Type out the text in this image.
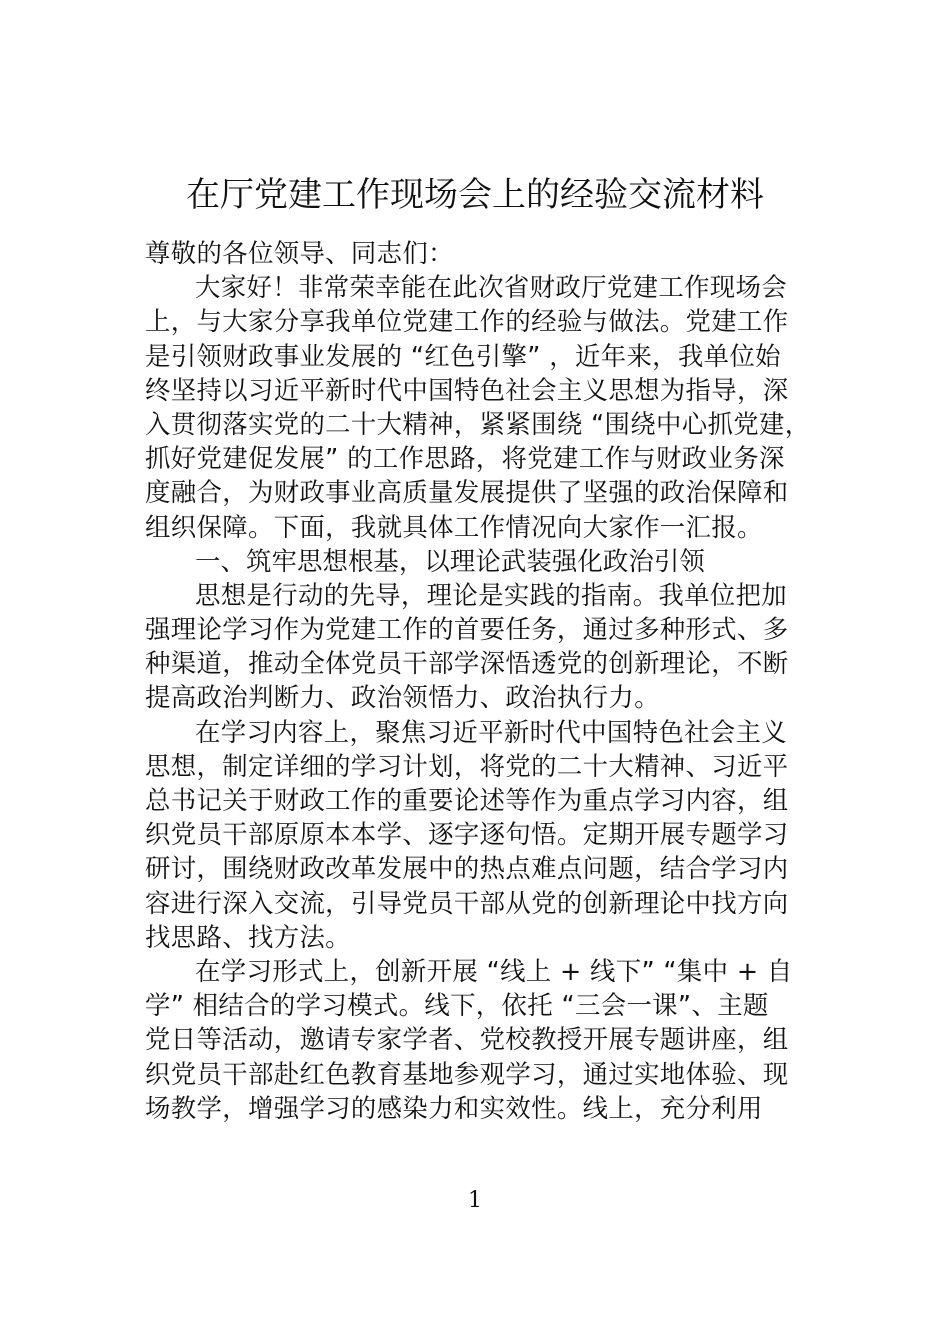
在厅党建工作现场会上的经验交流材料
尊敬的各位领导、同志们：
大家好！非常荣幸能在此次省财政厅党建工作现场会
上，与大家分享我单位党建工作的经验与做法。党建工作
是引领财政事业发展的 “红色引擎” ，近年来，我单位始
终坚持以习近平新时代中国特色社会主义思想为指导，深
入贯彻落实党的二十大精神，紧紧围绕 “围绕中心抓党建，
抓好党建促发展” 的工作思路，将党建工作与财政业务深
度融合，为财政事业高质量发展提供了坚强的政治保障和
组织保障。下面，我就具体工作情况向大家作一汇报。
一、筑牢思想根基，以理论武装强化政治引领
思想是行动的先导，理论是实践的指南。我单位把加
强理论学习作为党建工作的首要任务，通过多种形式、多
种渠道，推动全体党员干部学深悟透党的创新理论，不断
提高政治判断力、政治领悟力、政治执行力。
在学习内容上，聚焦习近平新时代中国特色社会主义
思想，制定详细的学习计划，将党的二十大精神、习近平
总书记关于财政工作的重要论述等作为重点学习内容，组
织党员干部原原本本学、逐字逐句悟。定期开展专题学习
研讨，围绕财政改革发展中的热点难点问题，结合学习内
容进行深入交流，引导党员干部从党的创新理论中找方向
找思路、找方法。
在学习形式上，创新开展 “线上 + 线下” “集中 + 自
学” 相结合的学习模式。线下，依托 “三会一课”、主题
党日等活动，邀请专家学者、党校教授开展专题讲座，组
织党员干部赴红色教育基地参观学习，通过实地体验、现
场教学，增强学习的感染力和实效性。线上，充分利用
1
